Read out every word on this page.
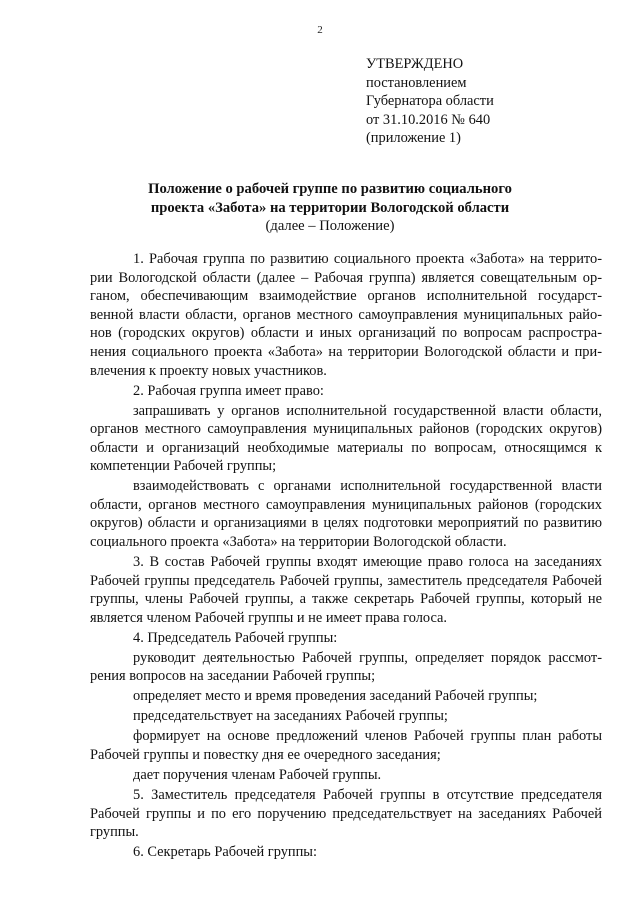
2
УТВЕРЖДЕНО
постановлением
Губернатора области
от 31.10.2016 № 640
(приложение 1)
Положение о рабочей группе по развитию социального
проекта «Забота» на территории Вологодской области
(далее – Положение)

1. Рабочая группа по развитию социального проекта «Забота» на территории Вологодской области (далее – Рабочая группа) является совещательным органом, обеспечивающим взаимодействие органов исполнительной государственной власти области, органов местного самоуправления муниципальных районов (городских округов) области и иных организаций по вопросам распространения социального проекта «Забота» на территории Вологодской области и привлечения к проекту новых участников.

2. Рабочая группа имеет право:

запрашивать у органов исполнительной государственной власти области, органов местного самоуправления муниципальных районов (городских округов) области и организаций необходимые материалы по вопросам, относящимся к компетенции Рабочей группы;

взаимодействовать с органами исполнительной государственной власти области, органов местного самоуправления муниципальных районов (городских округов) области и организациями в целях подготовки мероприятий по развитию социального проекта «Забота» на территории Вологодской области.

3. В состав Рабочей группы входят имеющие право голоса на заседаниях Рабочей группы председатель Рабочей группы, заместитель председателя Рабочей группы, члены Рабочей группы, а также секретарь Рабочей группы, который не является членом Рабочей группы и не имеет права голоса.

4. Председатель Рабочей группы:

руководит деятельностью Рабочей группы, определяет порядок рассмотрения вопросов на заседании Рабочей группы;

определяет место и время проведения заседаний Рабочей группы;

председательствует на заседаниях Рабочей группы;

формирует на основе предложений членов Рабочей группы план работы Рабочей группы и повестку дня ее очередного заседания;

дает поручения членам Рабочей группы.

5. Заместитель председателя Рабочей группы в отсутствие председателя Рабочей группы и по его поручению председательствует на заседаниях Рабочей группы.

6. Секретарь Рабочей группы:
